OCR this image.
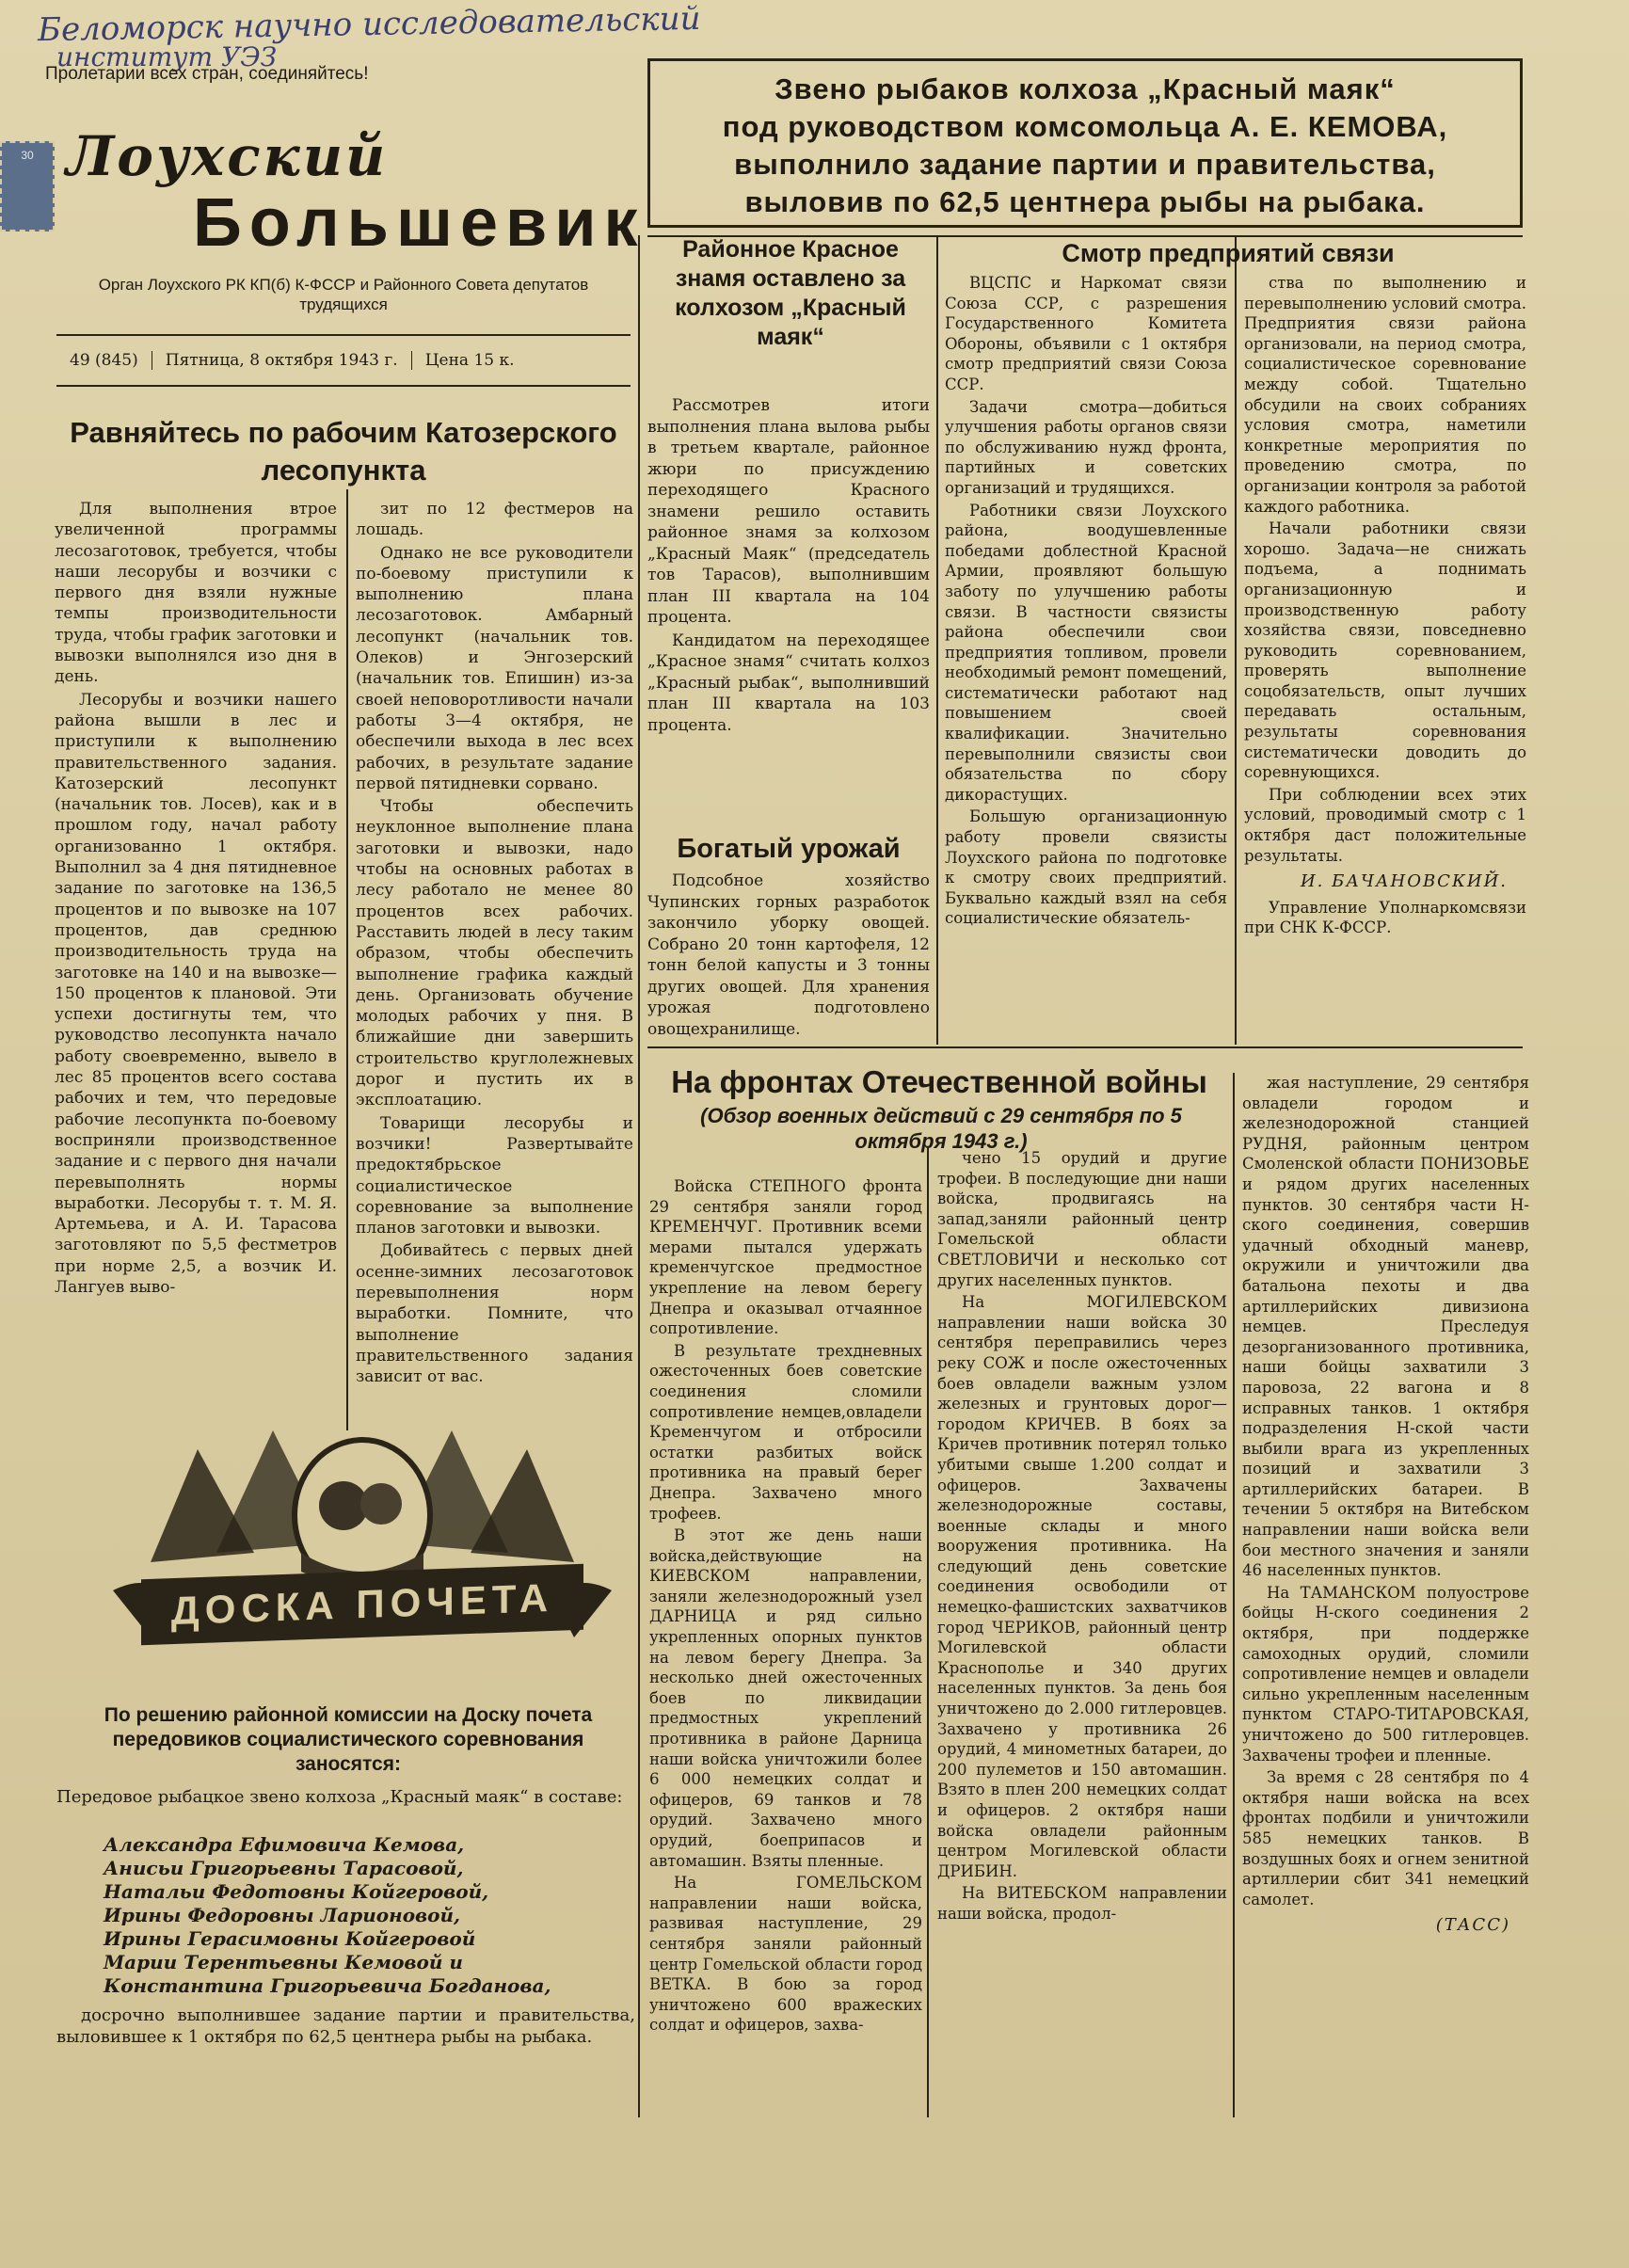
Беломорск научно исследовательский
институт УЭЗ
Пролетарии всех стран, соединяйтесь!
30 Лоухский
Большевик
Орган Лоухского РК КП(б) К-ФССР и Районного Совета депутатов трудящихся
49 (845)	Пятница, 8 октября 1943 г.	Цена 15 к.
Звено рыбаков колхоза „Красный маяк“
под руководством комсомольца А. Е. КЕМОВА,
выполнило задание партии и правительства,
выловив по 62,5 центнера рыбы на рыбака.
Равняйтесь по рабочим Катозерского лесопункта

Для выполнения втрое увеличенной программы лесозаготовок, требуется, чтобы наши лесорубы и возчики с первого дня взяли нужные темпы производительности труда, чтобы график заготовки и вывозки выполнялся изо дня в день.

Лесорубы и возчики нашего района вышли в лес и приступили к выполнению правительственного задания. Катозерский лесопункт (начальник тов. Лосев), как и в прошлом году, начал работу организованно 1 октября. Выполнил за 4 дня пятидневное задание по заготовке на 136,5 процентов и по вывозке на 107 процентов, дав среднюю производительность труда на заготовке на 140 и на вывозке—150 процентов к плановой. Эти успехи достигнуты тем, что руководство лесопункта начало работу своевременно, вывело в лес 85 процентов всего состава рабочих и тем, что передовые рабочие лесопункта по-боевому восприняли производственное задание и с первого дня начали перевыполнять нормы выработки. Лесорубы т. т. М. Я. Артемьева, и А. И. Тарасова заготовляют по 5,5 фестметров при норме 2,5, а возчик И. Лангуев выво-

зит по 12 фестмеров на лошадь.

Однако не все руководители по-боевому приступили к выполнению плана лесозаготовок. Амбарный лесопункт (начальник тов. Олеков) и Энгозерский (начальник тов. Епишин) из-за своей неповоротливости начали работы 3—4 октября, не обеспечили выхода в лес всех рабочих, в результате задание первой пятидневки сорвано.

Чтобы обеспечить неуклонное выполнение плана заготовки и вывозки, надо чтобы на основных работах в лесу работало не менее 80 процентов всех рабочих. Расставить людей в лесу таким образом, чтобы обеспечить выполнение графика каждый день. Организовать обучение молодых рабочих у пня. В ближайшие дни завершить строительство круглолежневых дорог и пустить их в эксплоатацию.

Товарищи лесорубы и возчики! Развертывайте предоктябрьское социалистическое соревнование за выполнение планов заготовки и вывозки.

Добивайтесь с первых дней осенне-зимних лесозаготовок перевыполнения норм выработки. Помните, что выполнение правительственного задания зависит от вас.

Районное Красное знамя оставлено за колхозом „Красный маяк“

Рассмотрев итоги выполнения плана вылова рыбы в третьем квартале, районное жюри по присуждению переходящего Красного знамени решило оставить районное знамя за колхозом „Красный Маяк“ (председатель тов Тарасов), выполнившим план III квартала на 104 процента.

Кандидатом на переходящее „Красное знамя“ считать колхоз „Красный рыбак“, выполнивший план III квартала на 103 процента.

Богатый урожай

Подсобное хозяйство Чупинских горных разработок закончило уборку овощей. Собрано 20 тонн картофеля, 12 тонн белой капусты и 3 тонны других овощей. Для хранения урожая подготовлено овощехранилище.

Смотр предприятий связи

ВЦСПС и Наркомат связи Союза ССР, с разрешения Государственного Комитета Обороны, объявили с 1 октября смотр предприятий связи Союза ССР.

Задачи смотра—добиться улучшения работы органов связи по обслуживанию нужд фронта, партийных и советских организаций и трудящихся.

Работники связи Лоухского района, воодушевленные победами доблестной Красной Армии, проявляют большую заботу по улучшению работы связи. В частности связисты района обеспечили свои предприятия топливом, провели необходимый ремонт помещений, систематически работают над повышением своей квалификации. Значительно перевыполнили связисты свои обязательства по сбору дикорастущих.

Большую организационную работу провели связисты Лоухского района по подготовке к смотру своих предприятий. Буквально каждый взял на себя социалистические обязатель-

ства по выполнению и перевыполнению условий смотра. Предприятия связи района организовали, на период смотра, социалистическое соревнование между собой. Тщательно обсудили на своих собраниях условия смотра, наметили конкретные мероприятия по проведению смотра, по организации контроля за работой каждого работника.

Начали работники связи хорошо. Задача—не снижать подъема, а поднимать организационную и производственную работу хозяйства связи, повседневно руководить соревнованием, проверять выполнение соцобязательств, опыт лучших передавать остальным, результаты соревнования систематически доводить до соревнующихся.

При соблюдении всех этих условий, проводимый смотр с 1 октября даст положительные результаты.

И. БАЧАНОВСКИЙ.

Управление Уполнаркомсвязи при СНК К-ФССР.

На фронтах Отечественной войны
(Обзор военных действий с 29 сентября по 5 октября 1943 г.)

Войска СТЕПНОГО фронта 29 сентября заняли город КРЕМЕНЧУГ. Противник всеми мерами пытался удержать кременчугское предмостное укрепление на левом берегу Днепра и оказывал отчаянное сопротивление.

В результате трехдневных ожесточенных боев советские соединения сломили сопротивление немцев,овладели Кременчугом и отбросили остатки разбитых войск противника на правый берег Днепра. Захвачено много трофеев.

В этот же день наши войска,действующие на КИЕВСКОМ направлении, заняли железнодорожный узел ДАРНИЦА и ряд сильно укрепленных опорных пунктов на левом берегу Днепра. За несколько дней ожесточенных боев по ликвидации предмостных укреплений противника в районе Дарница наши войска уничтожили более 6 000 немецких солдат и офицеров, 69 танков и 78 орудий. Захвачено много орудий, боеприпасов и автомашин. Взяты пленные.

На ГОМЕЛЬСКОМ направлении наши войска, развивая наступление, 29 сентября заняли районный центр Гомельской области город ВЕТКА. В бою за город уничтожено 600 вражеских солдат и офицеров, захва-

чено 15 орудий и другие трофеи. В последующие дни наши войска, продвигаясь на запад,заняли районный центр Гомельской области СВЕТЛОВИЧИ и несколько сот других населенных пунктов.

На МОГИЛЕВСКОМ направлении наши войска 30 сентября переправились через реку СОЖ и после ожесточенных боев овладели важным узлом железных и грунтовых дорог—городом КРИЧЕВ. В боях за Кричев противник потерял только убитыми свыше 1.200 солдат и офицеров. Захвачены железнодорожные составы, военные склады и много вооружения противника. На следующий день советские соединения освободили от немецко-фашистских захватчиков город ЧЕРИКОВ, районный центр Могилевской области Краснополье и 340 других населенных пунктов. За день боя уничтожено до 2.000 гитлеровцев. Захвачено у противника 26 орудий, 4 минометных батареи, до 200 пулеметов и 150 автомашин. Взято в плен 200 немецких солдат и офицеров. 2 октября наши войска овладели районным центром Могилевской области ДРИБИН.

На ВИТЕБСКОМ направлении наши войска, продол-

жая наступление, 29 сентября овладели городом и железнодорожной станцией РУДНЯ, районным центром Смоленской области ПОНИЗОВЬЕ и рядом других населенных пунктов. 30 сентября части Н-ского соединения, совершив удачный обходный маневр, окружили и уничтожили два батальона пехоты и два артиллерийских дивизиона немцев. Преследуя дезорганизованного противника, наши бойцы захватили 3 паровоза, 22 вагона и 8 исправных танков. 1 октября подразделения Н-ской части выбили врага из укрепленных позиций и захватили 3 артиллерийских батареи. В течении 5 октября на Витебском направлении наши войска вели бои местного значения и заняли 46 населенных пунктов.

На ТАМАНСКОМ полуострове бойцы Н-ского соединения 2 октября, при поддержке самоходных орудий, сломили сопротивление немцев и овладели сильно укрепленным населенным пунктом СТАРО-ТИТАРОВСКАЯ, уничтожено до 500 гитлеровцев. Захвачены трофеи и пленные.

За время с 28 сентября по 4 октября наши войска на всех фронтах подбили и уничтожили 585 немецких танков. В воздушных боях и огнем зенитной артиллерии сбит 341 немецкий самолет.

(ТАСС)
ДОСКА ПОЧЕТА
По решению районной комиссии на Доску почета передовиков социалистического соревнования заносятся:
Передовое рыбацкое звено колхоза „Красный маяк“ в составе:
Александра Ефимовича Кемова,
Анисьи Григорьевны Тарасовой,
Натальи Федотовны Койгеровой,
Ирины Федоровны Ларионовой,
Ирины Герасимовны Койгеровой
Марии Терентьевны Кемовой и
Константина Григорьевича Богданова,

досрочно выполнившее задание партии и правительства, выловившее к 1 октября по 62,5 центнера рыбы на рыбака.
